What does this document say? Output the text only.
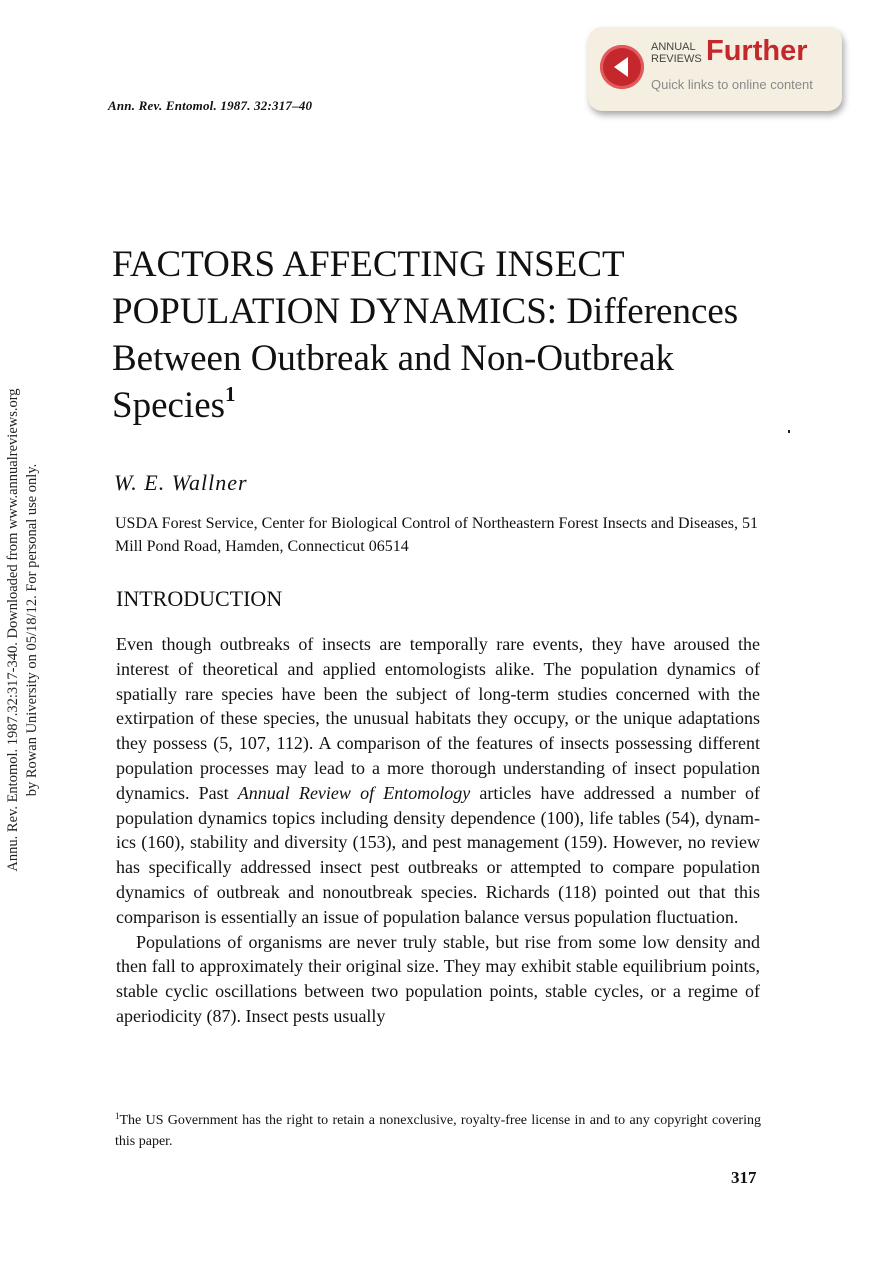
Annu. Rev. Entomol. 1987.32:317-340. Downloaded from www.annualreviews.org by Rowan University on 05/18/12. For personal use only.
Ann. Rev. Entomol. 1987. 32:317–40
ANNUAL
REVIEWS Further
Quick links to online content
FACTORS AFFECTING INSECT POPULATION DYNAMICS: Differences Between Outbreak and Non-Outbreak Species$^1$
W. E. Wallner
USDA Forest Service, Center for Biological Control of Northeastern Forest Insects and Diseases, 51 Mill Pond Road, Hamden, Connecticut 06514
INTRODUCTION

Even though outbreaks of insects are temporally rare events, they have aroused the interest of theoretical and applied entomologists alike. The population dynamics of spatially rare species have been the subject of long-term studies concerned with the extirpation of these species, the unusual habitats they occupy, or the unique adaptations they possess (5, 107, 112). A comparison of the features of insects possessing different population processes may lead to a more thorough understanding of insect population dynamics. Past Annual Review of Entomology articles have addressed a number of population dynamics topics including density dependence (100), life tables (54), dynamics (160), stability and diversity (153), and pest management (159). However, no review has specifically addressed insect pest outbreaks or attempted to compare population dynamics of outbreak and nonoutbreak species. Richards (118) pointed out that this comparison is essentially an issue of population balance versus population fluctuation.

Populations of organisms are never truly stable, but rise from some low density and then fall to approximately their original size. They may exhibit stable equilibrium points, stable cyclic oscillations between two population points, stable cycles, or a regime of aperiodicity (87). Insect pests usually

$^1$The US Government has the right to retain a nonexclusive, royalty-free license in and to any copyright covering this paper.
317
